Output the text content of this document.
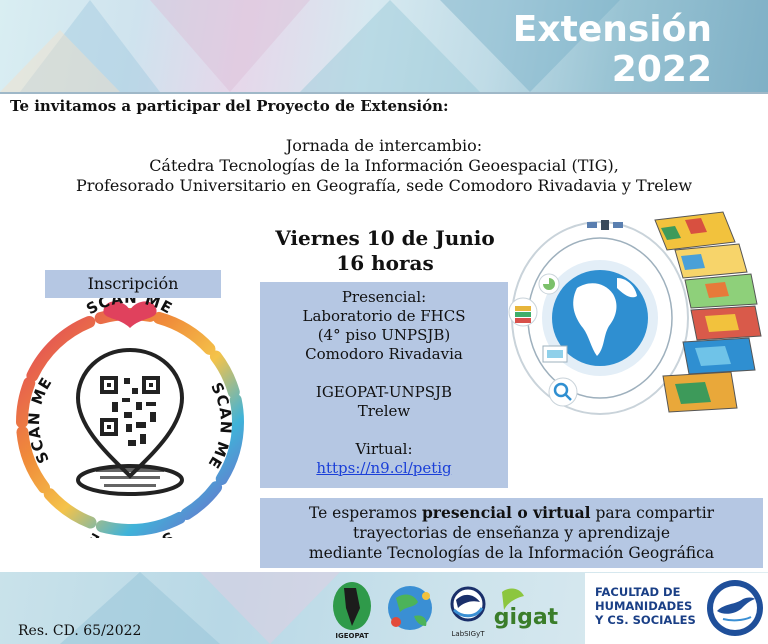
Extensión
2022
Te invitamos a participar del Proyecto de Extensión:
Jornada de intercambio:
Cátedra Tecnologías de la Información Geoespacial (TIG),
Profesorado Universitario en Geografía, sede Comodoro Rivadavia y Trelew
Viernes 10 de Junio
16 horas
Inscripción
SCA ME
SCAN ME
SCAN ME
Presencial:
Laboratorio de FHCS
(4° piso UNPSJB)
Comodoro Rivadavia
IGEOPAT-UNPSJB
Trelew
Virtual:
https://n9.cl/petig
Te esperamos presencial o virtual para compartir
trayectorias de enseñanza y aprendizaje
mediante Tecnologías de la Información Geográfica
Res. CD. 65/2022	IGEOPAT	LabSIGyT
gigat
FACULTAD DE
HUMANIDADES
Y CS. SOCIALES
